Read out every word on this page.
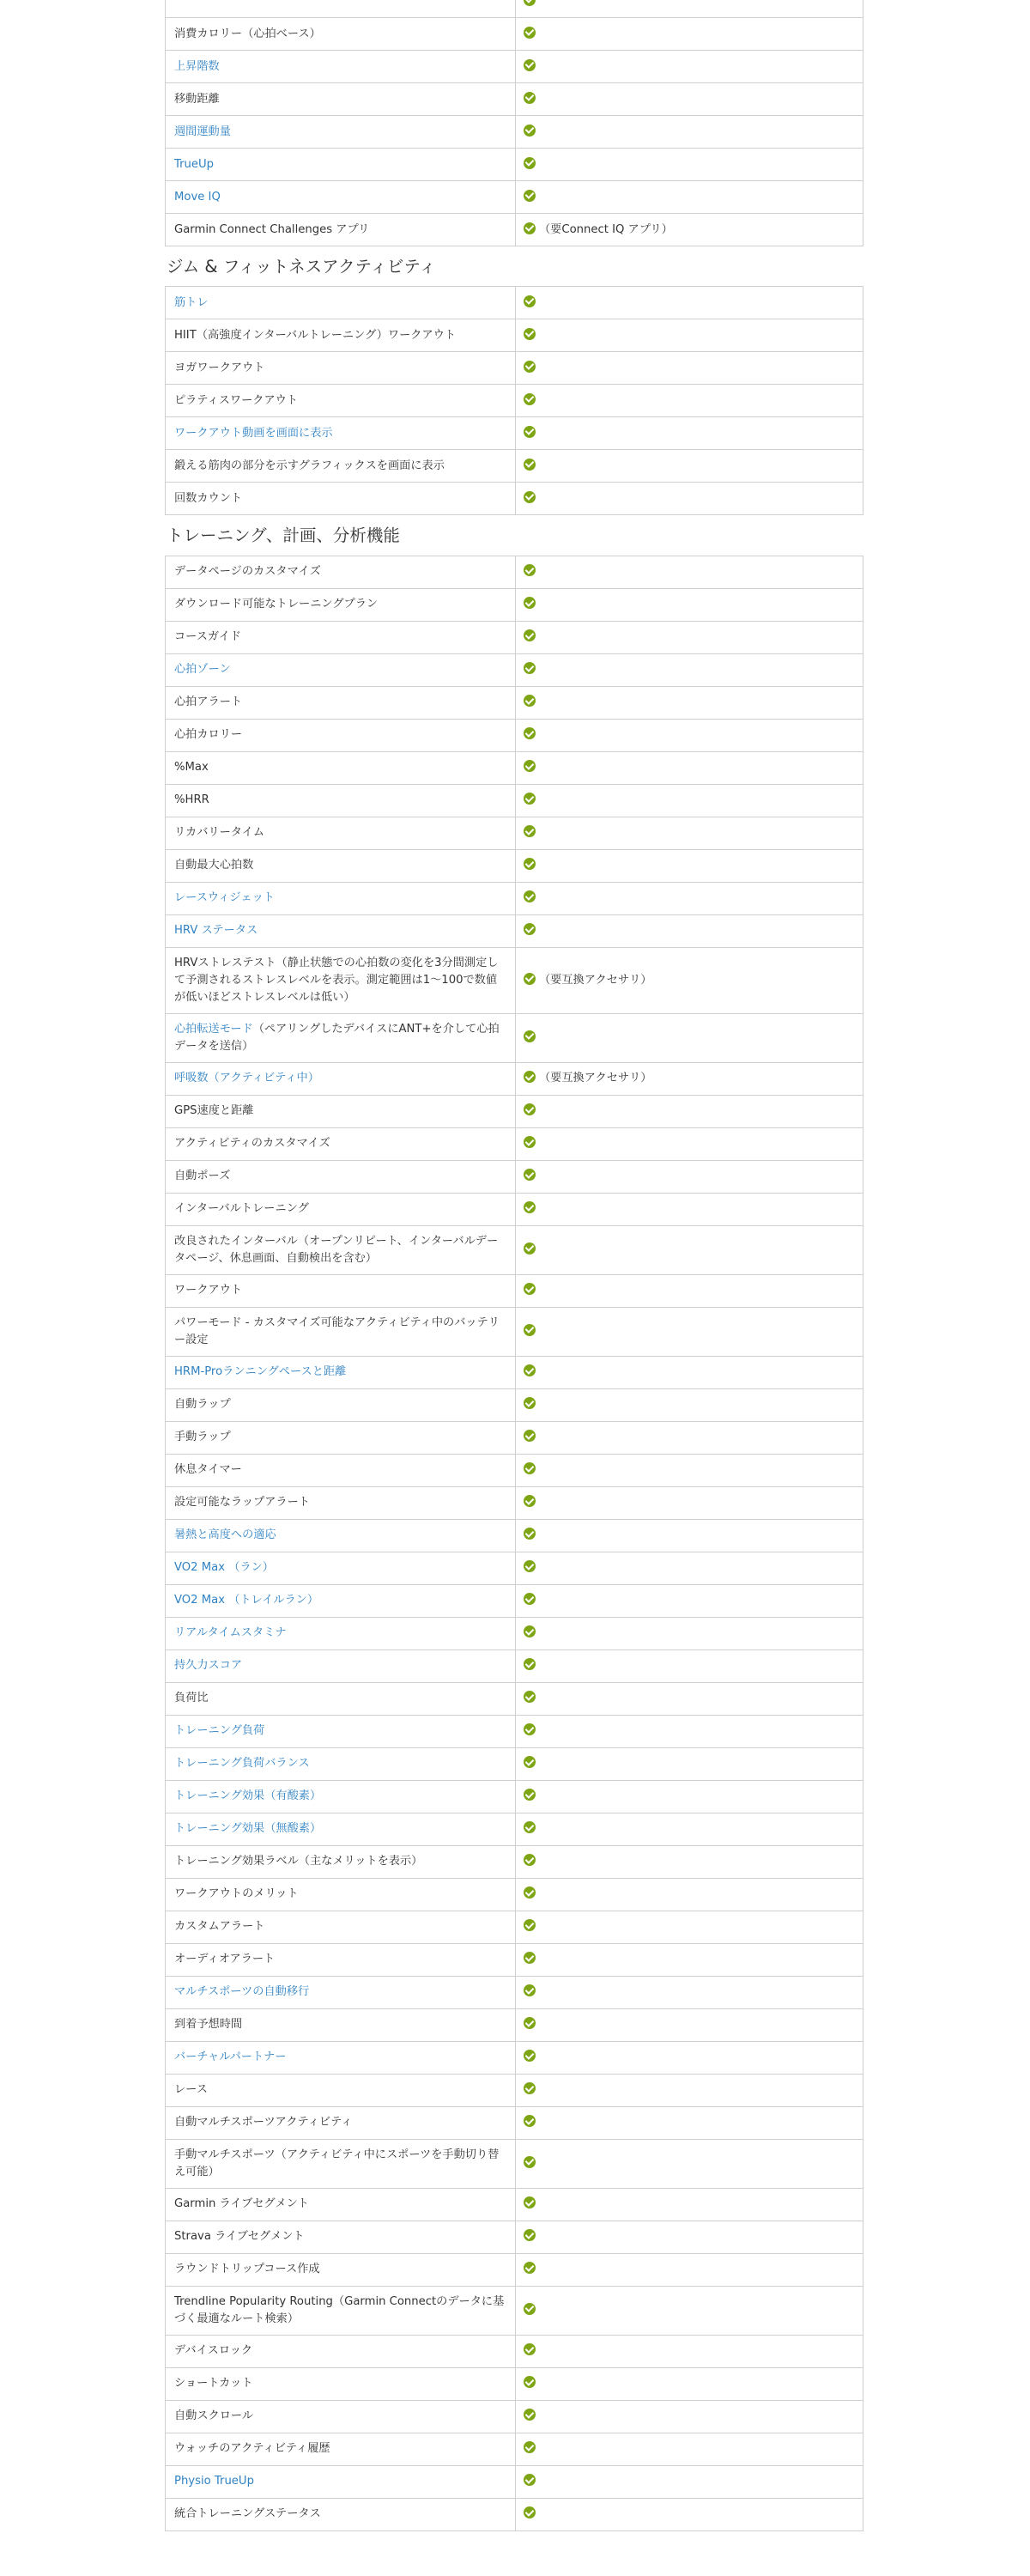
消費カロリー（心拍ベース）	
上昇階数	
移動距離	
週間運動量	
TrueUp	
Move IQ	
Garmin Connect Challenges アプリ	（要Connect IQ アプリ）
ジム & フィットネスアクティビティ
筋トレ	
HIIT（高強度インターバルトレーニング）ワークアウト	
ヨガワークアウト	
ピラティスワークアウト	
ワークアウト動画を画面に表示	
鍛える筋肉の部分を示すグラフィックスを画面に表示	
回数カウント	
トレーニング、計画、分析機能
データページのカスタマイズ	
ダウンロード可能なトレーニングプラン	
コースガイド	
心拍ゾーン	
心拍アラート	
心拍カロリー	
%Max	
%HRR	
リカバリータイム	
自動最大心拍数	
レースウィジェット	
HRV ステータス	
HRVストレステスト（静止状態での心拍数の変化を3分間測定して予測されるストレスレベルを表示。測定範囲は1〜100で数値が低いほどストレスレベルは低い）	（要互換アクセサリ）
心拍転送モード（ペアリングしたデバイスにANT+を介して心拍データを送信）	
呼吸数（アクティビティ中）	（要互換アクセサリ）
GPS速度と距離	
アクティビティのカスタマイズ	
自動ポーズ	
インターバルトレーニング	
改良されたインターバル（オープンリピート、インターバルデータページ、休息画面、自動検出を含む）	
ワークアウト	
パワーモード - カスタマイズ可能なアクティビティ中のバッテリー設定	
HRM-Proランニングペースと距離	
自動ラップ	
手動ラップ	
休息タイマー	
設定可能なラップアラート	
暑熱と高度への適応	
VO2 Max （ラン）	
VO2 Max （トレイルラン）	
リアルタイムスタミナ	
持久力スコア	
負荷比	
トレーニング負荷	
トレーニング負荷バランス	
トレーニング効果（有酸素）	
トレーニング効果（無酸素）	
トレーニング効果ラベル（主なメリットを表示）	
ワークアウトのメリット	
カスタムアラート	
オーディオアラート	
マルチスポーツの自動移行	
到着予想時間	
バーチャルパートナー	
レース	
自動マルチスポーツアクティビティ	
手動マルチスポーツ（アクティビティ中にスポーツを手動切り替え可能）	
Garmin ライブセグメント	
Strava ライブセグメント	
ラウンドトリップコース作成	
Trendline Popularity Routing（Garmin Connectのデータに基づく最適なルート検索）	
デバイスロック	
ショートカット	
自動スクロール	
ウォッチのアクティビティ履歴	
Physio TrueUp	
統合トレーニングステータス	
